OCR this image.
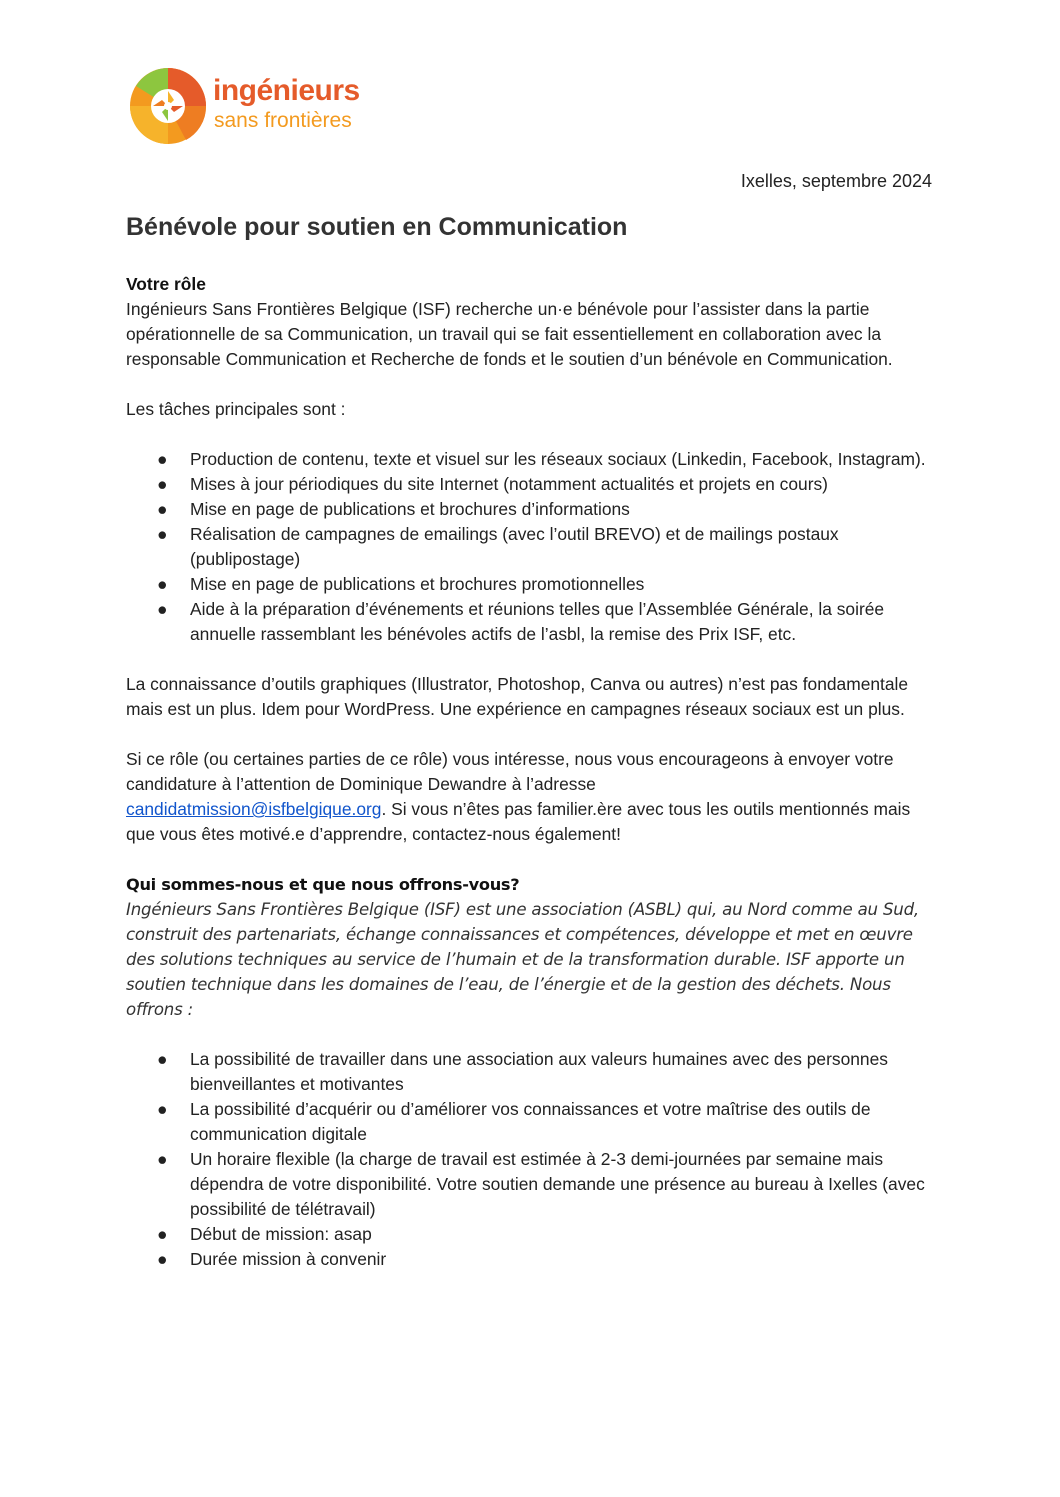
ingénieurs
sans frontières
Ixelles, septembre 2024
Bénévole pour soutien en Communication

Votre rôle

Ingénieurs Sans Frontières Belgique (ISF) recherche un·e bénévole pour l’assister dans la partie opérationnelle de sa Communication, un travail qui se fait essentiellement en collaboration avec la responsable Communication et Recherche de fonds et le soutien d’un bénévole en Communication.

Les tâches principales sont :

● Production de contenu, texte et visuel sur les réseaux sociaux (Linkedin, Facebook, Instagram).
● Mises à jour périodiques du site Internet (notamment actualités et projets en cours)
● Mise en page de publications et brochures d’informations
● Réalisation de campagnes de emailings (avec l’outil BREVO) et de mailings postaux (publipostage)
● Mise en page de publications et brochures promotionnelles
● Aide à la préparation d’événements et réunions telles que l’Assemblée Générale, la soirée annuelle rassemblant les bénévoles actifs de l’asbl, la remise des Prix ISF, etc.

La connaissance d’outils graphiques (Illustrator, Photoshop, Canva ou autres) n’est pas fondamentale mais est un plus. Idem pour WordPress. Une expérience en campagnes réseaux sociaux est un plus.

Si ce rôle (ou certaines parties de ce rôle) vous intéresse, nous vous encourageons à envoyer votre candidature à l’attention de Dominique Dewandre à l’adresse
candidatmission@isfbelgique.org. Si vous n’êtes pas familier.ère avec tous les outils mentionnés mais que vous êtes motivé.e d’apprendre, contactez-nous également!

Qui sommes-nous et que nous offrons-vous?

Ingénieurs Sans Frontières Belgique (ISF) est une association (ASBL) qui, au Nord comme au Sud, construit des partenariats, échange connaissances et compétences, développe et met en œuvre des solutions techniques au service de l’humain et de la transformation durable. ISF apporte un soutien technique dans les domaines de l’eau, de l’énergie et de la gestion des déchets. Nous offrons :

● La possibilité de travailler dans une association aux valeurs humaines avec des personnes bienveillantes et motivantes
● La possibilité d’acquérir ou d’améliorer vos connaissances et votre maîtrise des outils de communication digitale
● Un horaire flexible (la charge de travail est estimée à 2-3 demi-journées par semaine mais dépendra de votre disponibilité. Votre soutien demande une présence au bureau à Ixelles (avec possibilité de télétravail)
● Début de mission: asap
● Durée mission à convenir
